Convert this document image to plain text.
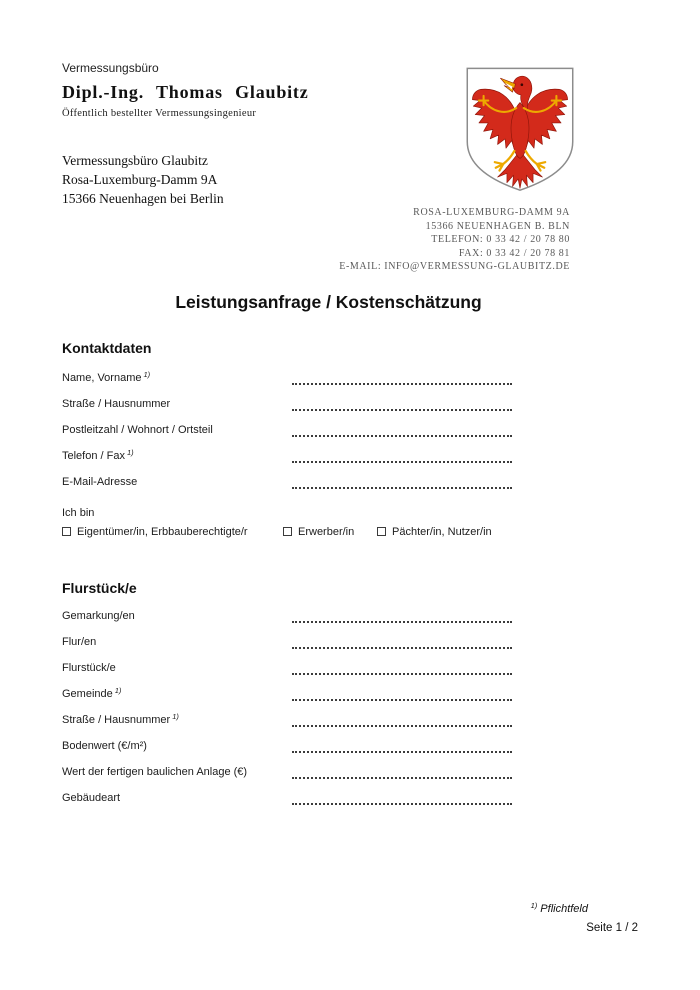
Vermessungsbüro
Dipl.-Ing. Thomas Glaubitz
Öffentlich bestellter Vermessungsingenieur
Vermessungsbüro Glaubitz
Rosa-Luxemburg-Damm 9A
15366 Neuenhagen bei Berlin
ROSA-LUXEMBURG-DAMM 9A
15366 NEUENHAGEN B. BLN
TELEFON: 0 33 42 / 20 78 80
FAX: 0 33 42 / 20 78 81
E-MAIL: INFO@VERMESSUNG-GLAUBITZ.DE
Leistungsanfrage / Kostenschätzung
Kontaktdaten
Name, Vorname $^{1)}$
Straße / Hausnummer
Postleitzahl / Wohnort / Ortsteil
Telefon / Fax $^{1)}$
E-Mail-Adresse
Ich bin
Eigentümer/in, Erbbauberechtigte/r	Erwerber/in	Pächter/in, Nutzer/in
Flurstück/e
Gemarkung/en
Flur/en
Flurstück/e
Gemeinde $^{1)}$
Straße / Hausnummer $^{1)}$
Bodenwert (€/m²)
Wert der fertigen baulichen Anlage (€)
Gebäudeart
$^{1)}$ Pflichtfeld
Seite 1 / 2
